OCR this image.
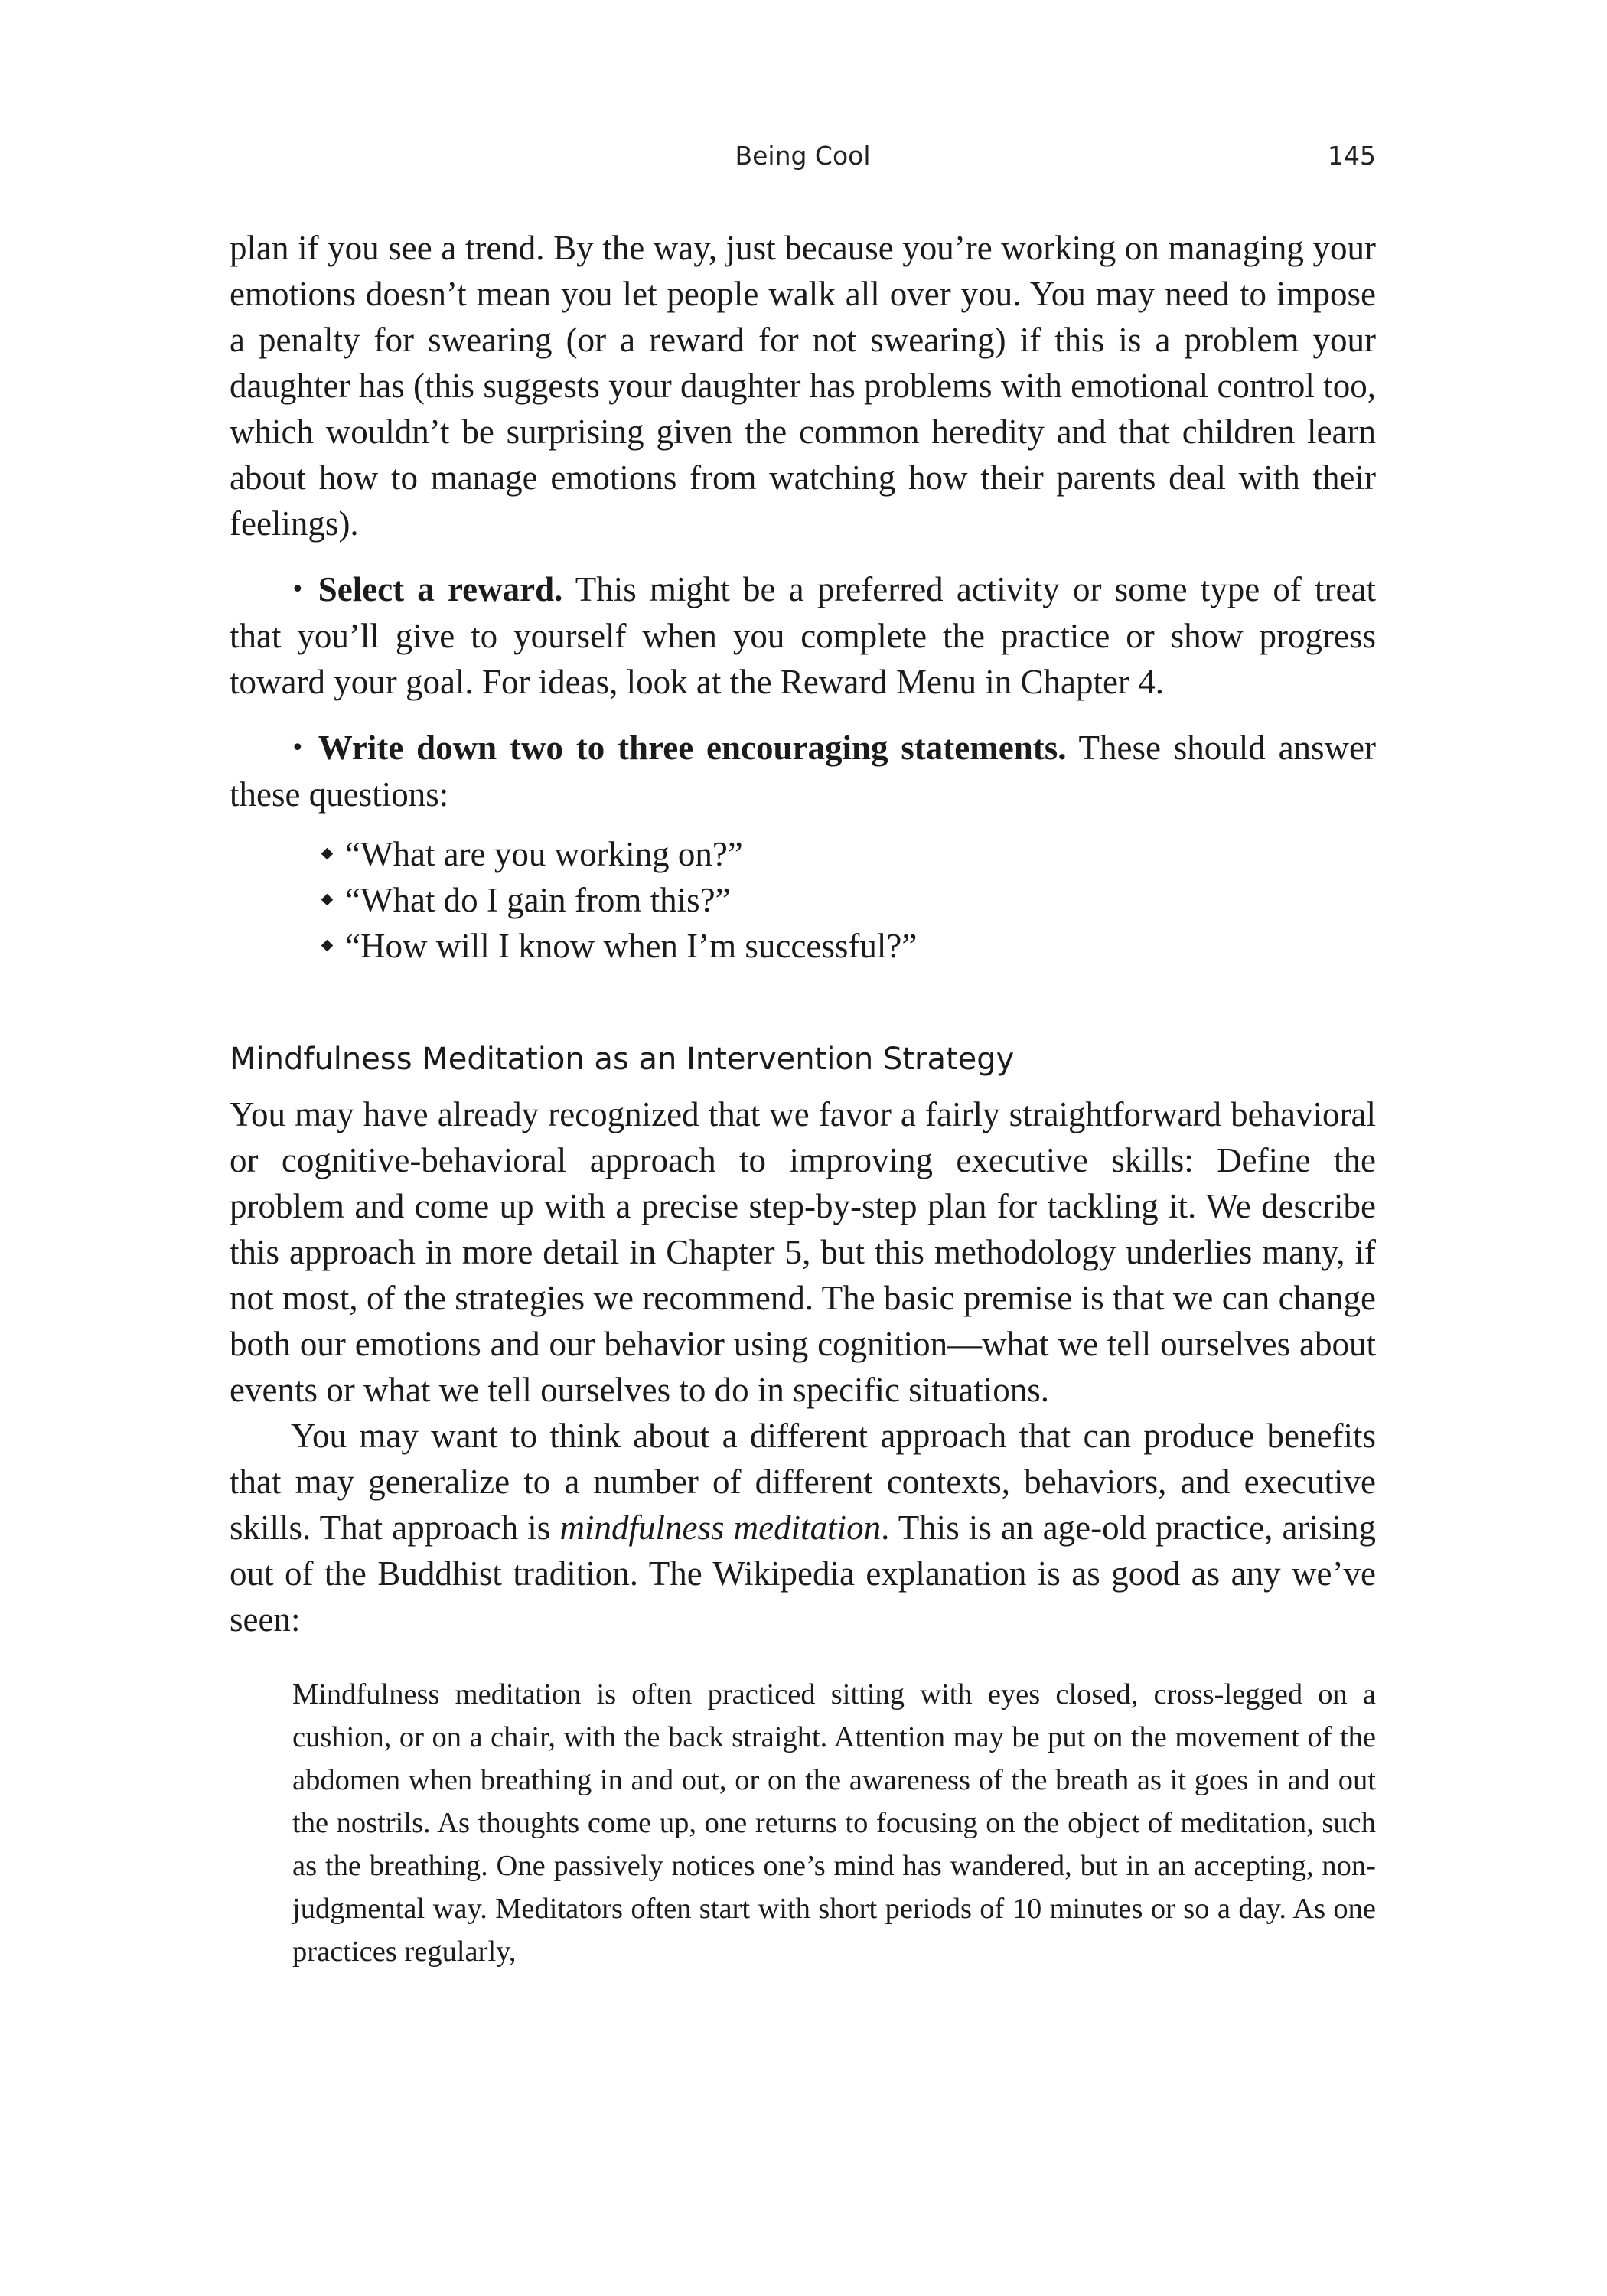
Being Cool	145

plan if you see a trend. By the way, just because you’re working on managing your emotions doesn’t mean you let people walk all over you. You may need to impose a penalty for swearing (or a reward for not swearing) if this is a problem your daughter has (this suggests your daughter has problems with emotional control too, which wouldn’t be surprising given the common heredity and that children learn about how to manage emotions from watching how their parents deal with their feelings).

• Select a reward. This might be a preferred activity or some type of treat that you’ll give to yourself when you complete the practice or show progress toward your goal. For ideas, look at the Reward Menu in Chapter 4.

• Write down two to three encouraging statements. These should answer these questions:

“What are you working on?”
“What do I gain from this?”
“How will I know when I’m successful?”
Mindfulness Meditation as an Intervention Strategy

You may have already recognized that we favor a fairly straightforward behavioral or cognitive-behavioral approach to improving executive skills: Define the problem and come up with a precise step-by-step plan for tackling it. We describe this approach in more detail in Chapter 5, but this methodology underlies many, if not most, of the strategies we recommend. The basic premise is that we can change both our emotions and our behavior using cognition—what we tell ourselves about events or what we tell ourselves to do in specific situations.

You may want to think about a different approach that can produce benefits that may generalize to a number of different contexts, behaviors, and executive skills. That approach is mindfulness meditation. This is an age-old practice, arising out of the Buddhist tradition. The Wikipedia explanation is as good as any we’ve seen:

Mindfulness meditation is often practiced sitting with eyes closed, cross-legged on a cushion, or on a chair, with the back straight. Attention may be put on the movement of the abdomen when breathing in and out, or on the awareness of the breath as it goes in and out the nostrils. As thoughts come up, one returns to focusing on the object of meditation, such as the breathing. One passively notices one’s mind has wandered, but in an accepting, non-judgmental way. Meditators often start with short periods of 10 minutes or so a day. As one practices regularly,
